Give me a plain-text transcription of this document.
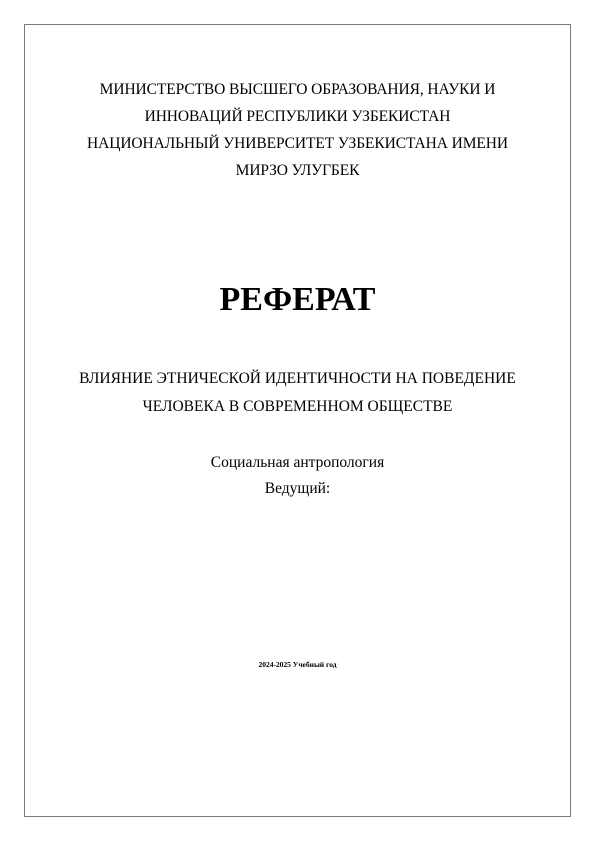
МИНИСТЕРСТВО ВЫСШЕГО ОБРАЗОВАНИЯ, НАУКИ И
ИННОВАЦИЙ РЕСПУБЛИКИ УЗБЕКИСТАН
НАЦИОНАЛЬНЫЙ УНИВЕРСИТЕТ УЗБЕКИСТАНА ИМЕНИ
МИРЗО УЛУГБЕК
РЕФЕРАТ
ВЛИЯНИЕ ЭТНИЧЕСКОЙ ИДЕНТИЧНОСТИ НА ПОВЕДЕНИЕ
ЧЕЛОВЕКА В СОВРЕМЕННОМ ОБЩЕСТВЕ
Социальная антропология
Ведущий:
2024-2025 Учебный год
